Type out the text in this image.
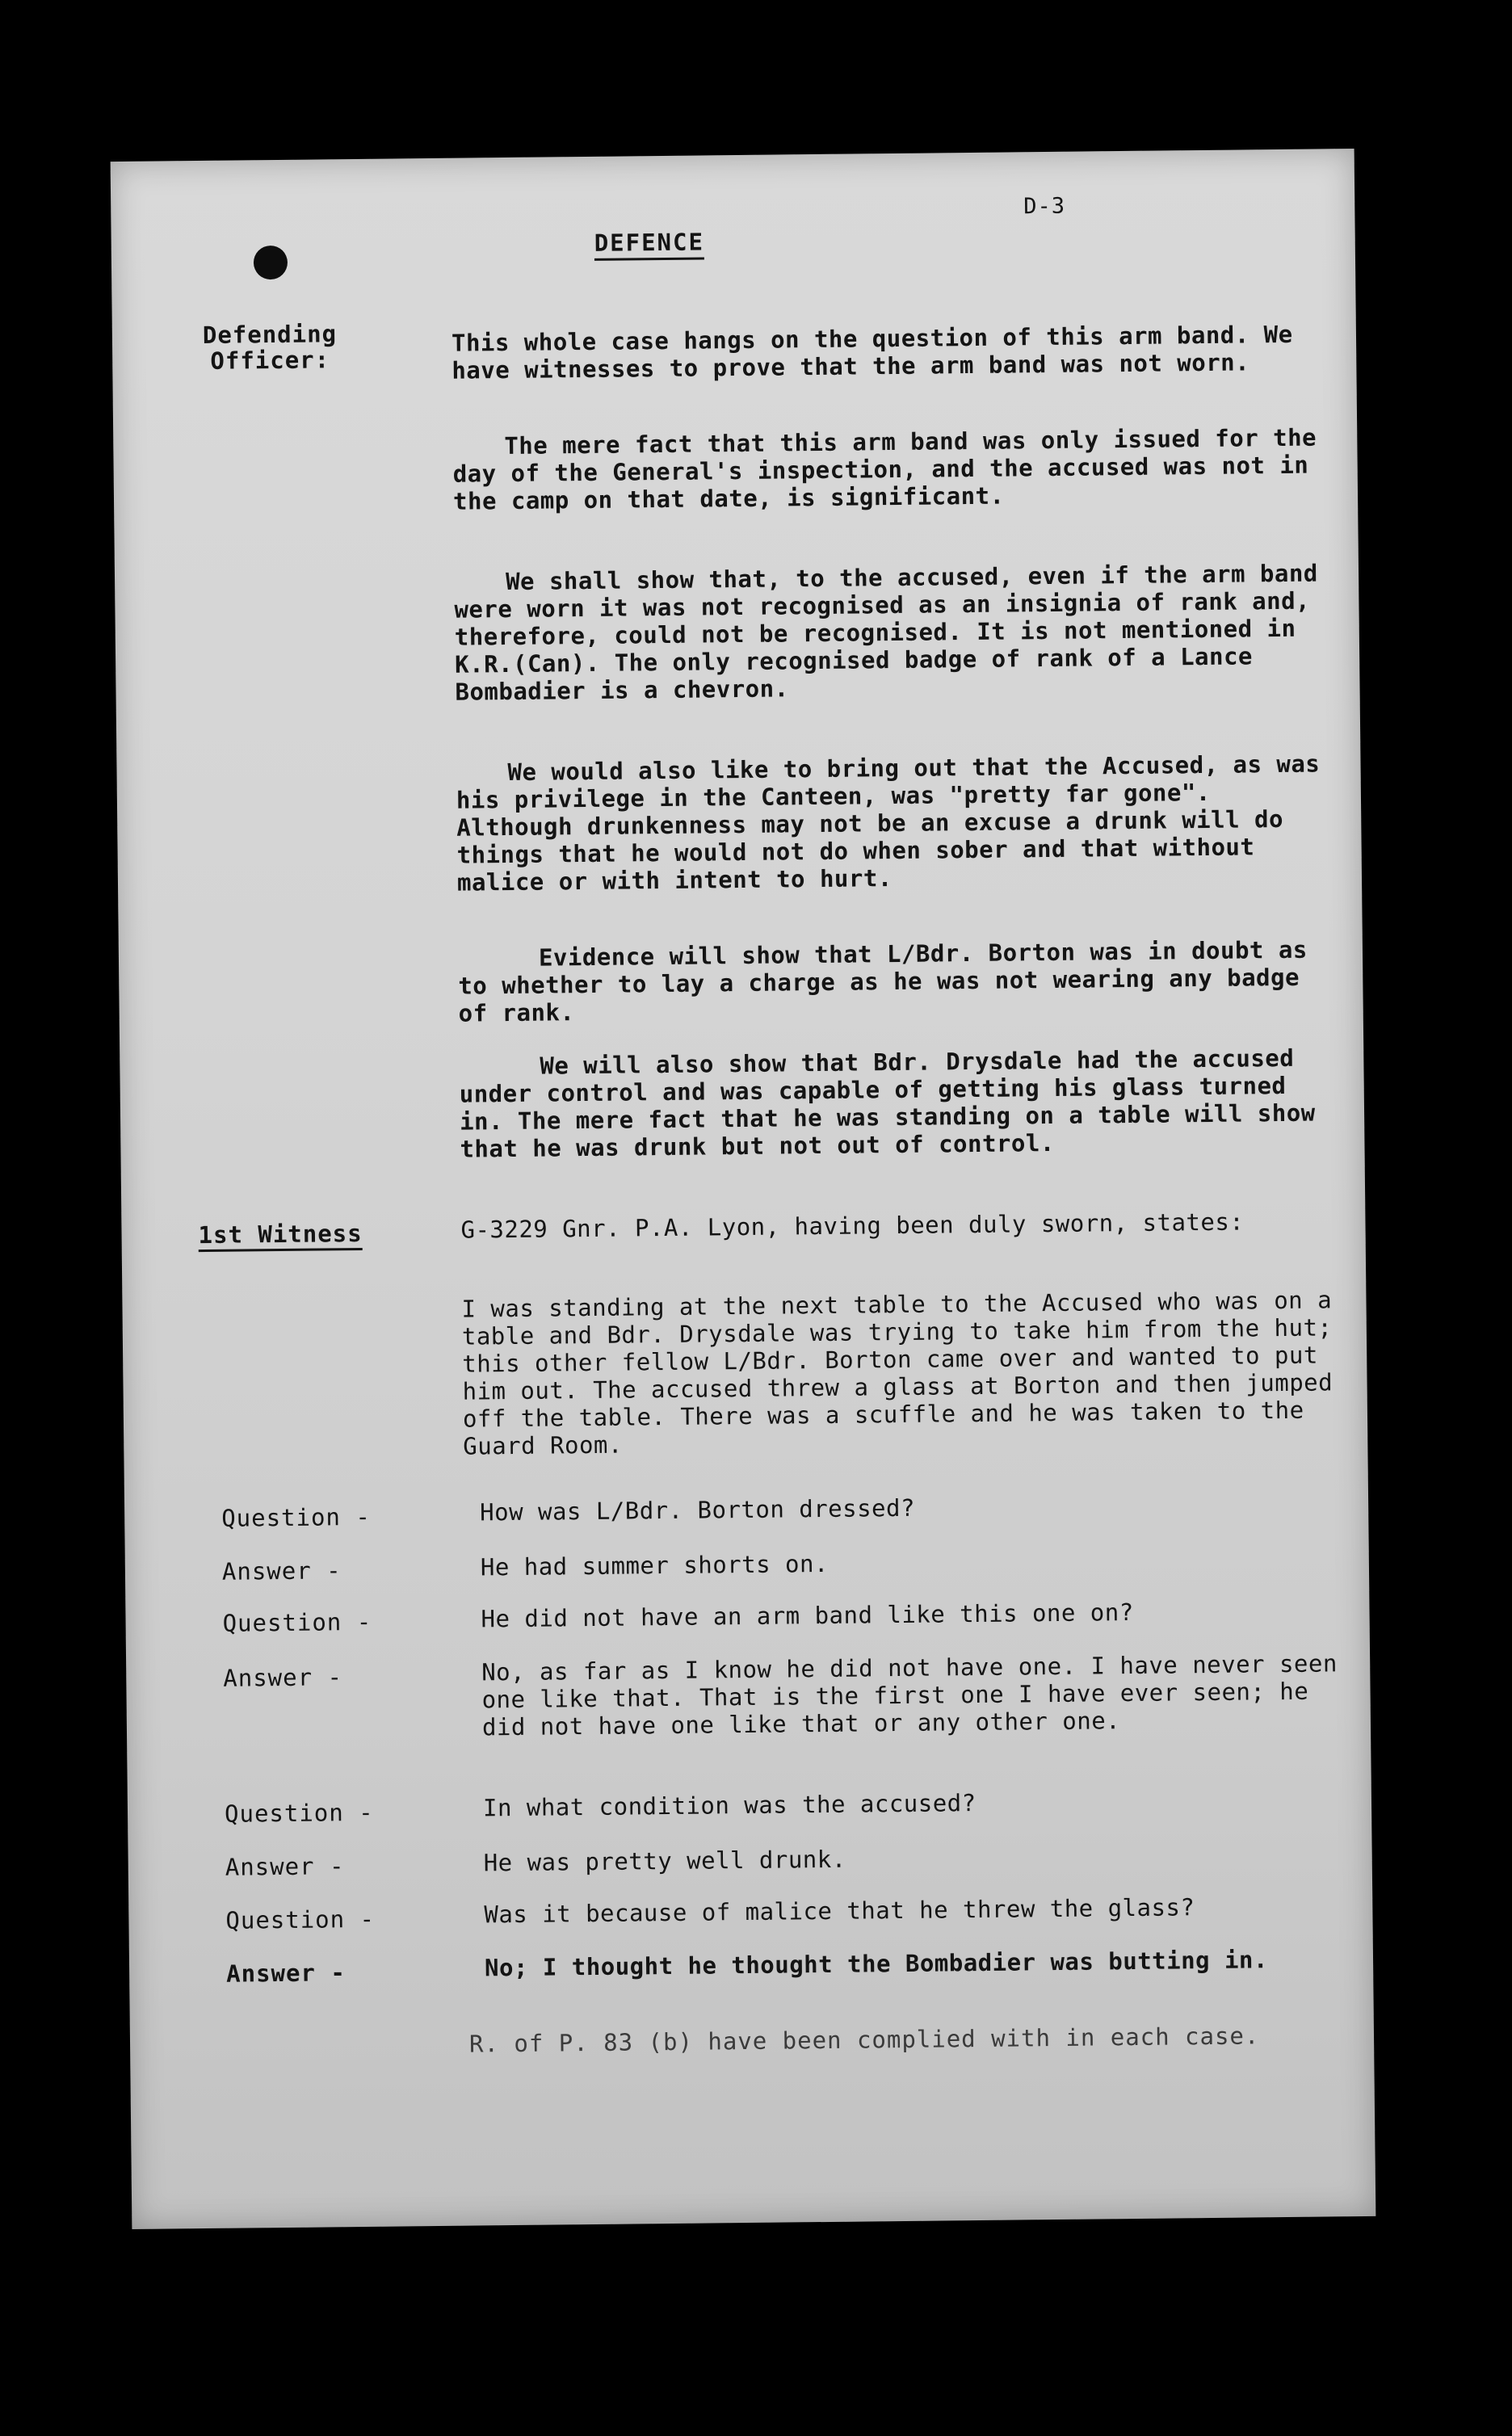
D-3
DEFENCE
Defending
Officer:
This whole case hangs on the question of this arm band. We have witnesses to prove that the arm band was not worn.
The mere fact that this arm band was only issued for the day of the General's inspection, and the accused was not in the camp on that date, is significant.
We shall show that, to the accused, even if the arm band were worn it was not recognised as an insignia of rank and, therefore, could not be recognised. It is not mentioned in K.R.(Can). The only recognised badge of rank of a Lance Bombadier is a chevron.
We would also like to bring out that the Accused, as was his privilege in the Canteen, was "pretty far gone". Although drunkenness may not be an excuse a drunk will do things that he would not do when sober and that without malice or with intent to hurt.
Evidence will show that L/Bdr. Borton was in doubt as to whether to lay a charge as he was not wearing any badge of rank.
We will also show that Bdr. Drysdale had the accused under control and was capable of getting his glass turned in. The mere fact that he was standing on a table will show that he was drunk but not out of control.
1st Witness	G-3229 Gnr. P.A. Lyon, having been duly sworn, states:
I was standing at the next table to the Accused who was on a table and Bdr. Drysdale was trying to take him from the hut; this other fellow L/Bdr. Borton came over and wanted to put him out. The accused threw a glass at Borton and then jumped off the table. There was a scuffle and he was taken to the Guard Room.
Question -	How was L/Bdr. Borton dressed?
Answer -	He had summer shorts on.
Question -	He did not have an arm band like this one on?
Answer -	No, as far as I know he did not have one. I have never seen one like that. That is the first one I have ever seen; he did not have one like that or any other one.
Question -	In what condition was the accused?
Answer -	He was pretty well drunk.
Question -	Was it because of malice that he threw the glass?
Answer -	No; I thought he thought the Bombadier was butting in.
R. of P. 83 (b) have been complied with in each case.
